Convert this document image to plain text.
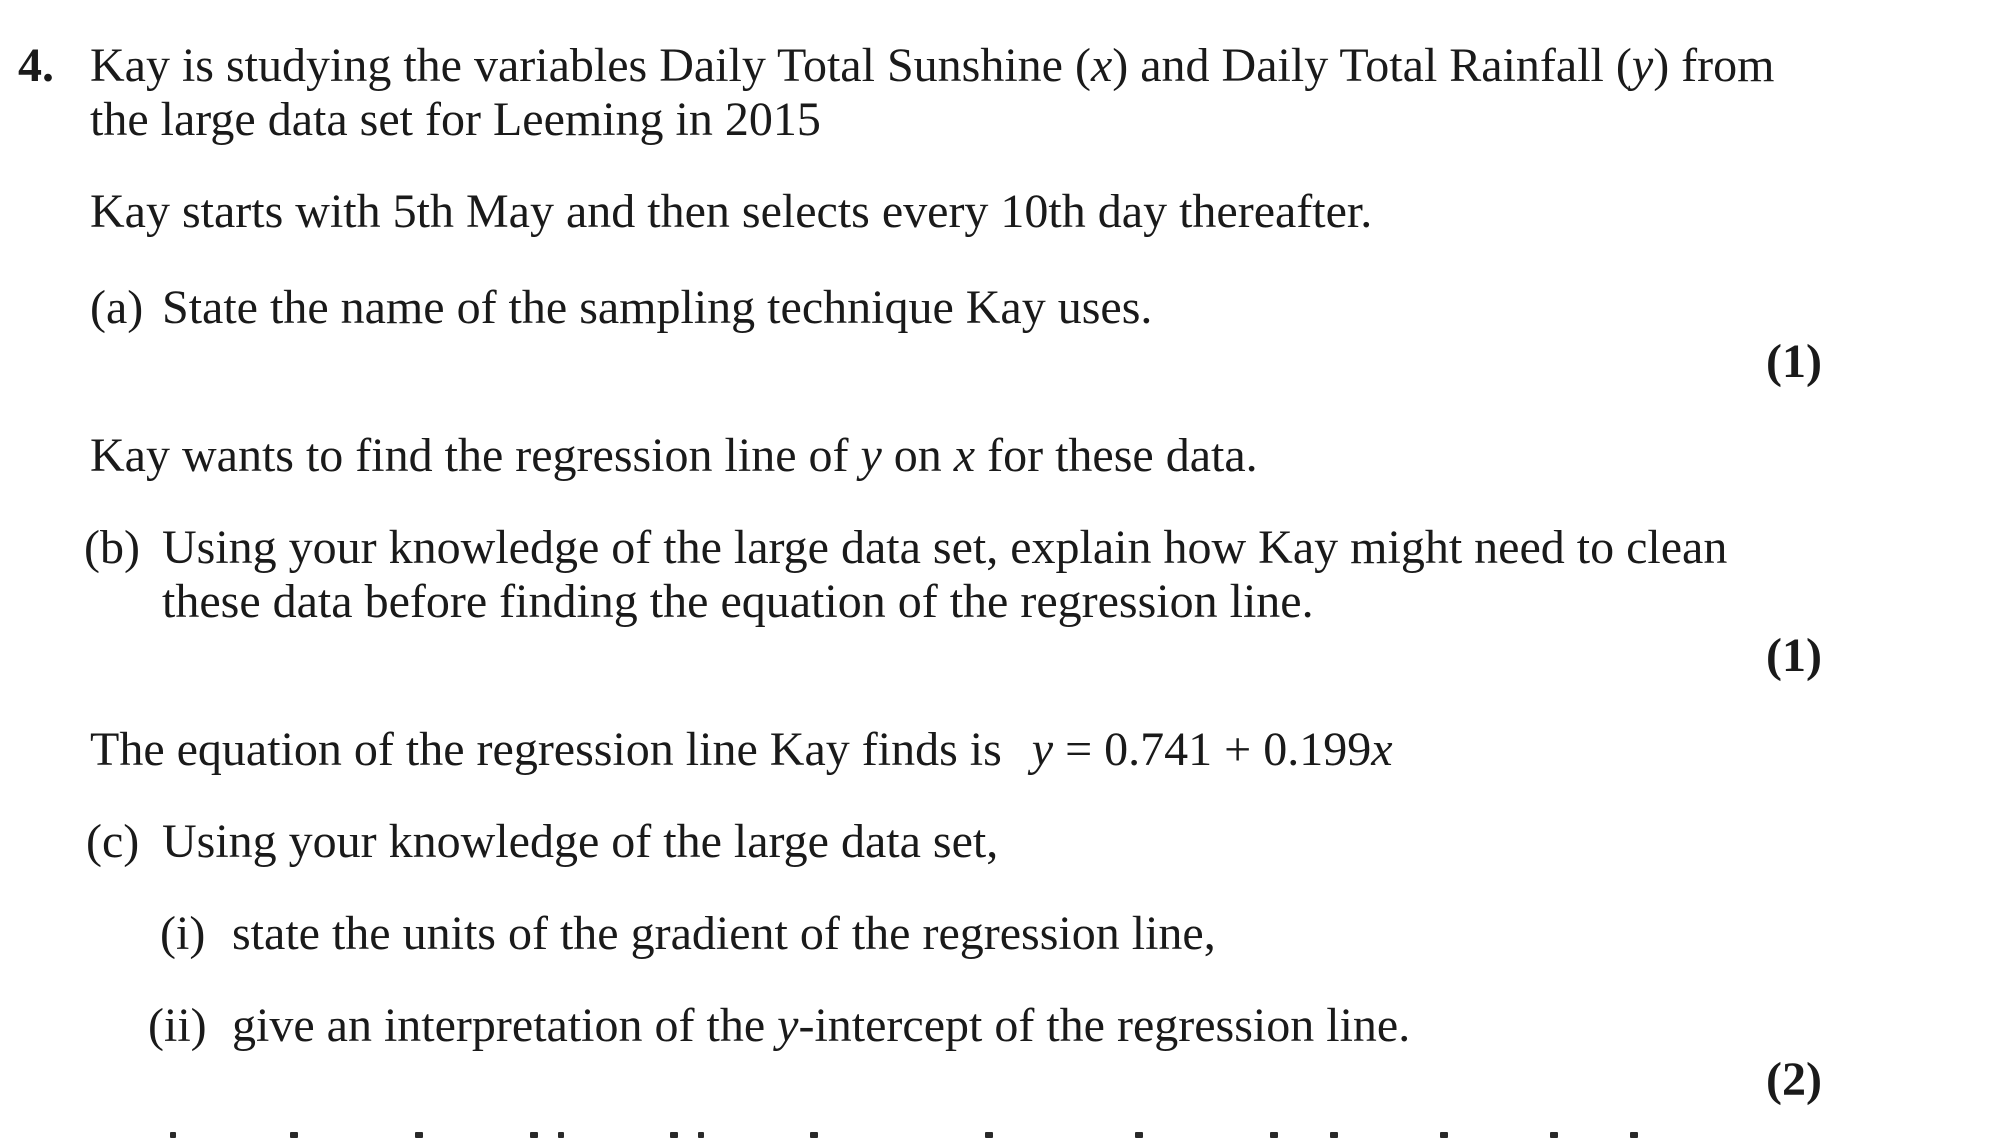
4. Kay is studying the variables Daily Total Sunshine (x) and Daily Total Rainfall (y) from
the large data set for Leeming in 2015
Kay starts with 5th May and then selects every 10th day thereafter.
(a) State the name of the sampling technique Kay uses.
(1)
Kay wants to find the regression line of y on x for these data.
(b) Using your knowledge of the large data set, explain how Kay might need to clean
these data before finding the equation of the regression line.
(1)
The equation of the regression line Kay finds is y = 0.741 + 0.199x
(c) Using your knowledge of the large data set,
(i) state the units of the gradient of the regression line,
(ii) give an interpretation of the y-intercept of the regression line.
(2)
